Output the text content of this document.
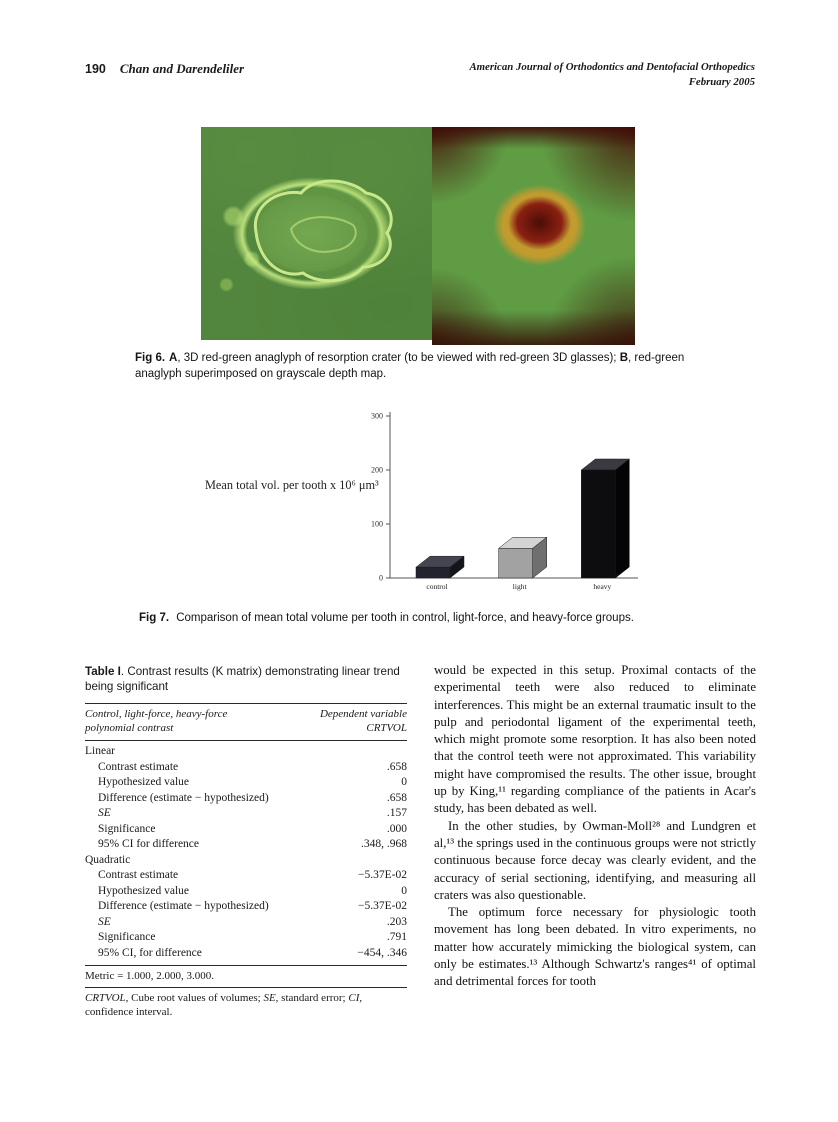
190 Chan and Darendeliler	American Journal of Orthodontics and Dentofacial Orthopedics
February 2005
Fig 6. A, 3D red-green anaglyph of resorption crater (to be viewed with red-green 3D glasses); B, red-green anaglyph superimposed on grayscale depth map.
Mean total vol. per tooth x 10⁶ μm³
0
100
200
300
control	light	heavy
Fig 7. Comparison of mean total volume per tooth in control, light-force, and heavy-force groups.
Table I. Contrast results (K matrix) demonstrating linear trend being significant
Control, light-force, heavy-force
polynomial contrast
Dependent variable
CRTVOL
Linear	
Contrast estimate	.658
Hypothesized value	0
Difference (estimate − hypothesized)	.658
SE	.157
Significance	.000
95% CI for difference	.348, .968
Quadratic	
Contrast estimate	−5.37E-02
Hypothesized value	0
Difference (estimate − hypothesized)	−5.37E-02
SE	.203
Significance	.791
95% CI, for difference	−454, .346
Metric = 1.000, 2.000, 3.000.
CRTVOL, Cube root values of volumes; SE, standard error; CI, confidence interval.

would be expected in this setup. Proximal contacts of the experimental teeth were also reduced to eliminate interferences. This might be an external traumatic insult to the pulp and periodontal ligament of the experimental teeth, which might promote some resorption. It has also been noted that the control teeth were not approximated. This variability might have compromised the results. The other issue, brought up by King,¹¹ regarding compliance of the patients in Acar's study, has been debated as well.

In the other studies, by Owman-Moll²⁸ and Lundgren et al,¹³ the springs used in the continuous groups were not strictly continuous because force decay was clearly evident, and the accuracy of serial sectioning, identifying, and measuring all craters was also questionable.

The optimum force necessary for physiologic tooth movement has long been debated. In vitro experiments, no matter how accurately mimicking the biological system, can only be estimates.¹³ Although Schwartz's ranges⁴¹ of optimal and detrimental forces for tooth
